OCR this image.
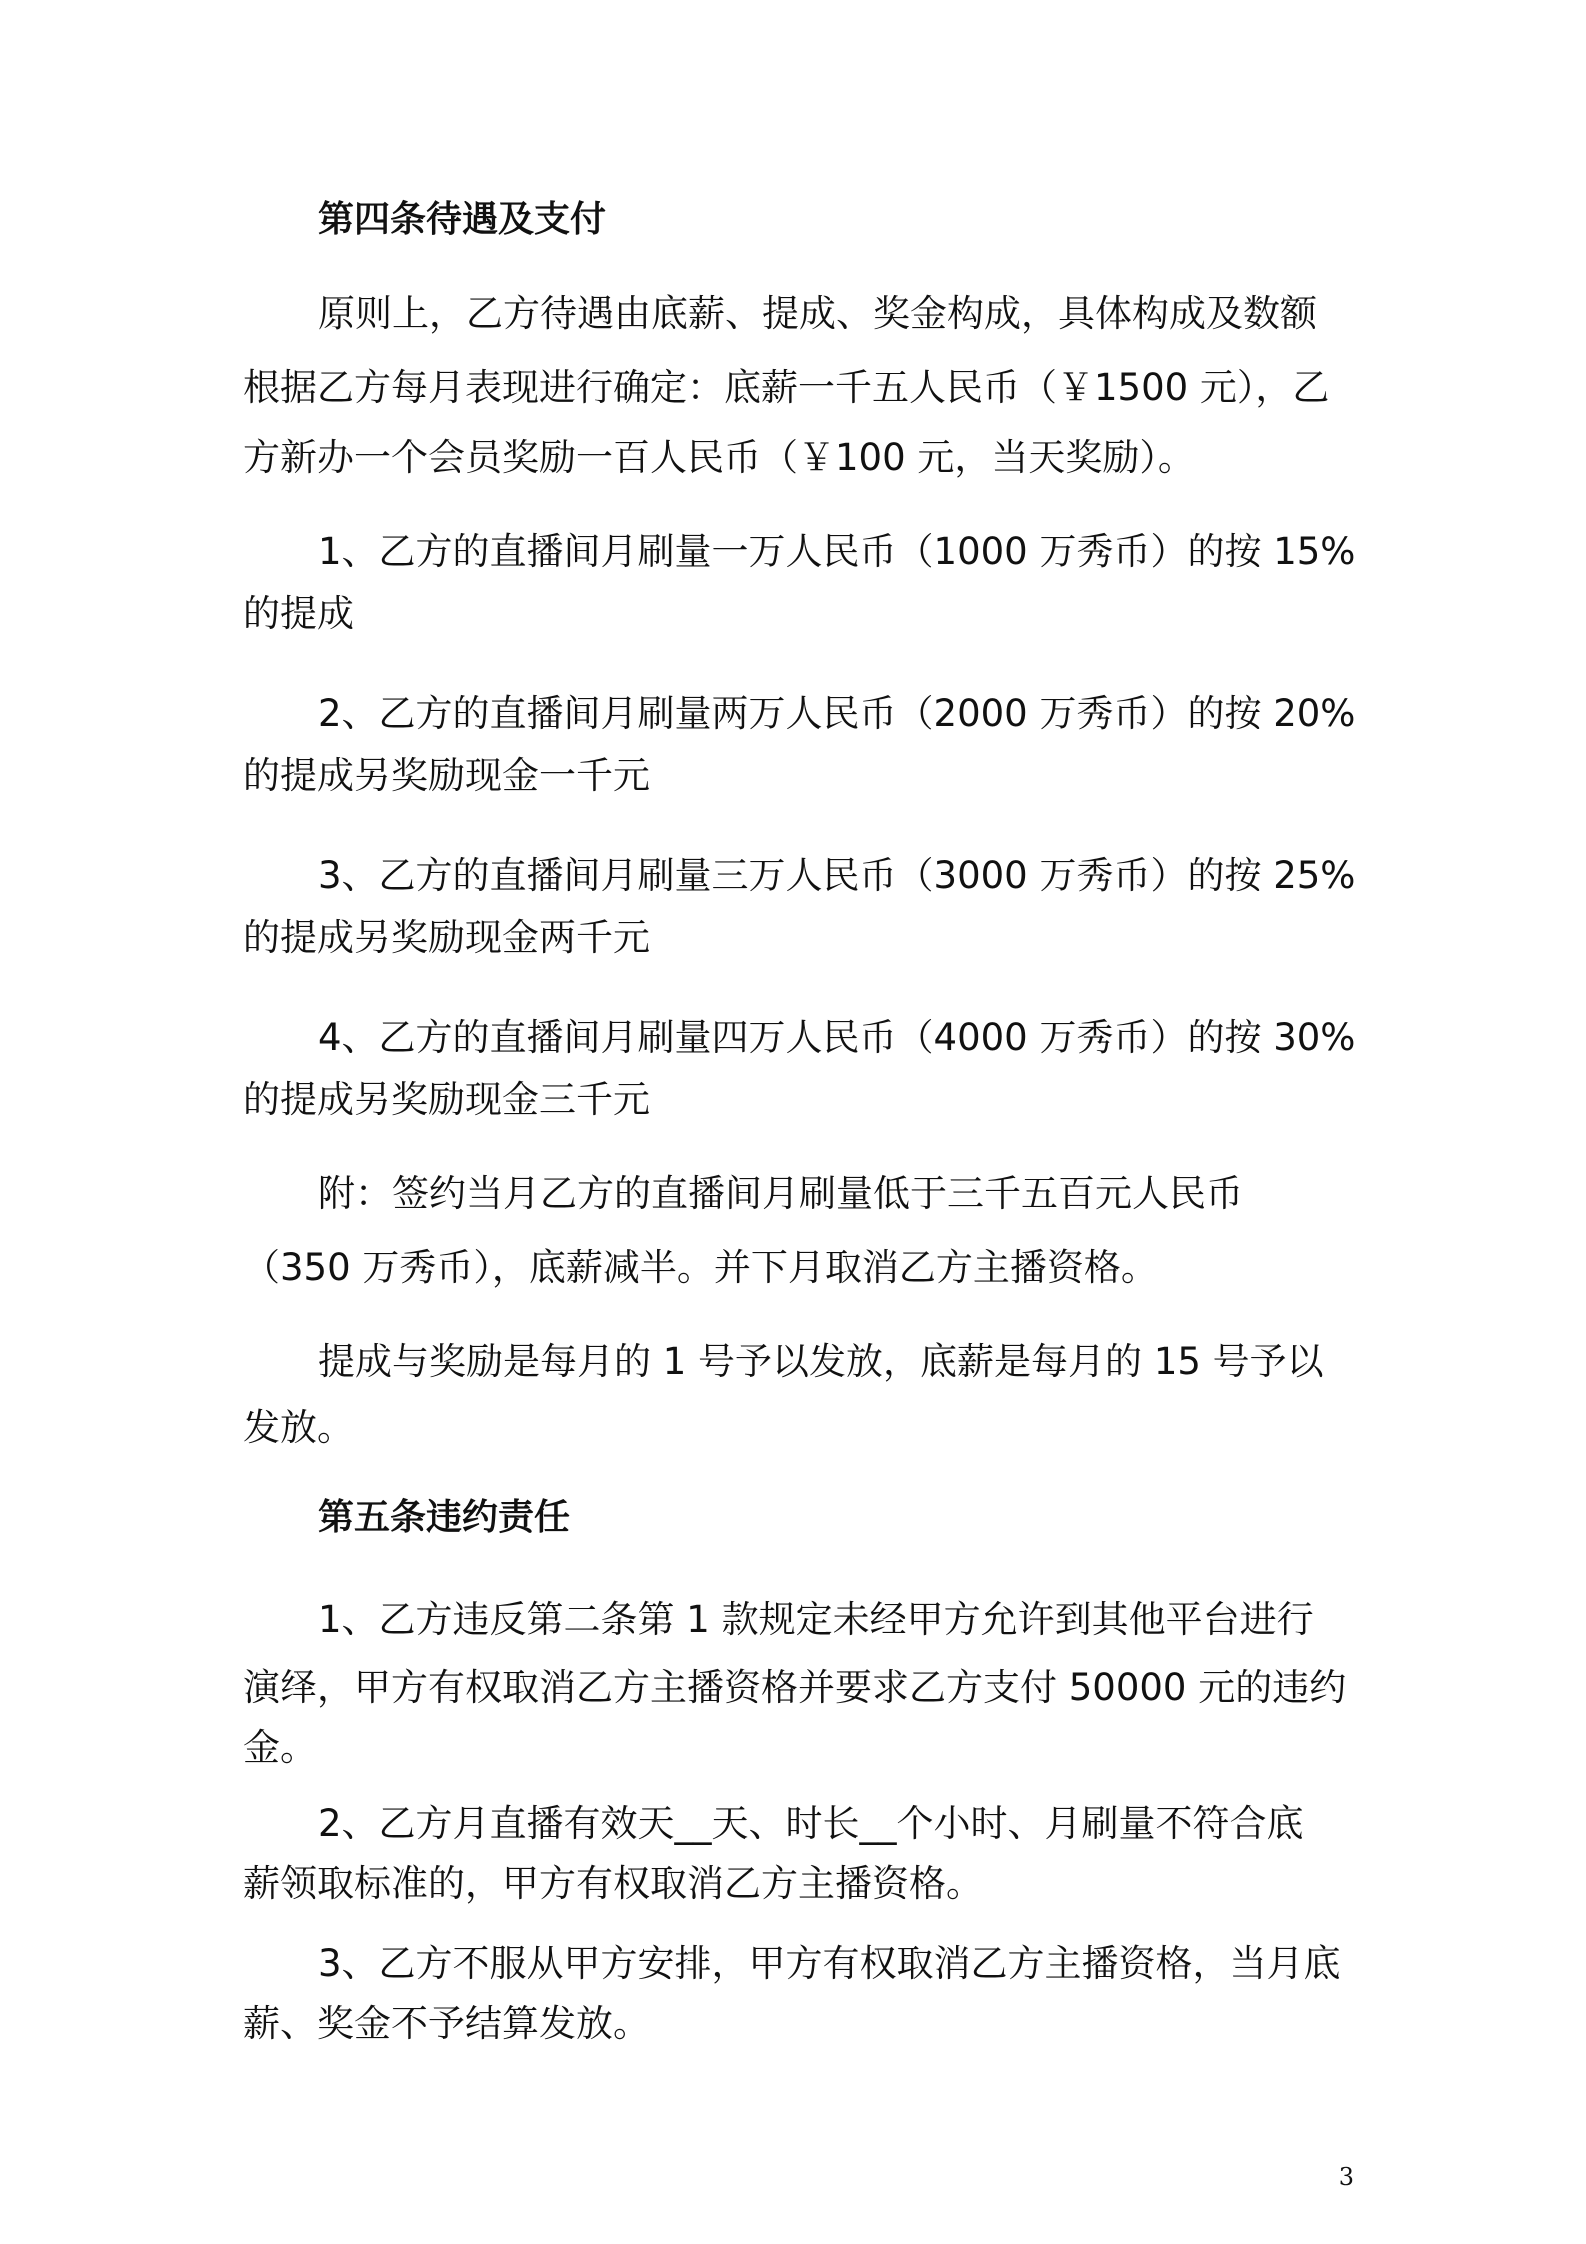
第四条待遇及支付
原则上，乙方待遇由底薪、提成、奖金构成，具体构成及数额
根据乙方每月表现进行确定：底薪一千五人民币（￥1500 元），乙
方新办一个会员奖励一百人民币（￥100 元，当天奖励）。
1、乙方的直播间月刷量一万人民币（1000 万秀币）的按 15%
的提成
2、乙方的直播间月刷量两万人民币（2000 万秀币）的按 20%
的提成另奖励现金一千元
3、乙方的直播间月刷量三万人民币（3000 万秀币）的按 25%
的提成另奖励现金两千元
4、乙方的直播间月刷量四万人民币（4000 万秀币）的按 30%
的提成另奖励现金三千元
附：签约当月乙方的直播间月刷量低于三千五百元人民币
（350 万秀币），底薪减半。并下月取消乙方主播资格。
提成与奖励是每月的 1 号予以发放，底薪是每月的 15 号予以
发放。
第五条违约责任
1、乙方违反第二条第 1 款规定未经甲方允许到其他平台进行
演绎，甲方有权取消乙方主播资格并要求乙方支付 50000 元的违约
金。
2、乙方月直播有效天__天、时长__个小时、月刷量不符合底
薪领取标准的，甲方有权取消乙方主播资格。
3、乙方不服从甲方安排，甲方有权取消乙方主播资格，当月底
薪、奖金不予结算发放。
3
